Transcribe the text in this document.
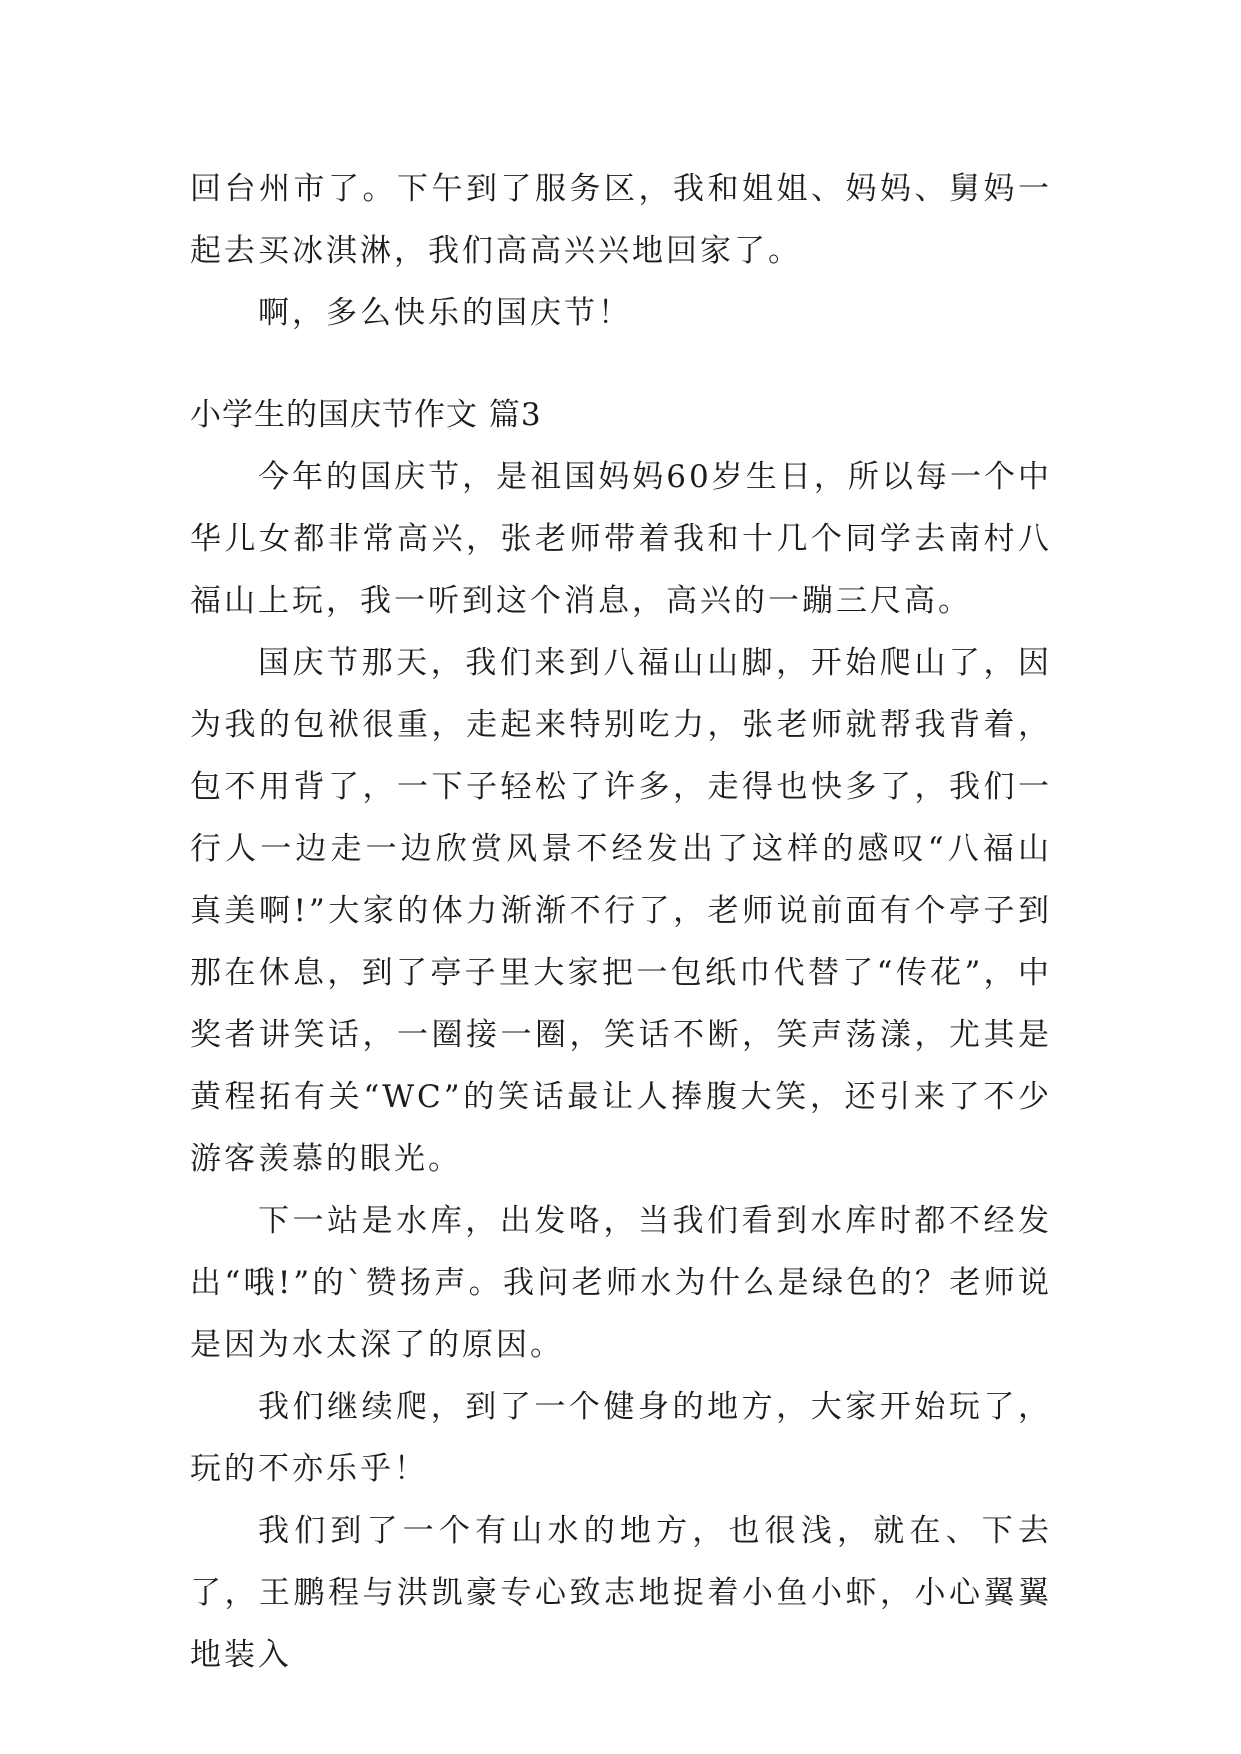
回台州市了。下午到了服务区，我和姐姐、妈妈、舅妈一起去买冰淇淋，我们高高兴兴地回家了。

啊，多么快乐的国庆节！

小学生的国庆节作文 篇3

今年的国庆节，是祖国妈妈60岁生日，所以每一个中华儿女都非常高兴，张老师带着我和十几个同学去南村八福山上玩，我一听到这个消息，高兴的一蹦三尺高。

国庆节那天，我们来到八福山山脚，开始爬山了，因为我的包袱很重，走起来特别吃力，张老师就帮我背着，包不用背了，一下子轻松了许多，走得也快多了，我们一行人一边走一边欣赏风景不经发出了这样的感叹“八福山真美啊!”大家的体力渐渐不行了，老师说前面有个亭子到那在休息，到了亭子里大家把一包纸巾代替了“传花”，中奖者讲笑话，一圈接一圈，笑话不断，笑声荡漾，尤其是黄程拓有关“WC”的笑话最让人捧腹大笑，还引来了不少游客羡慕的眼光。

下一站是水库，出发咯，当我们看到水库时都不经发出“哦!”的`赞扬声。我问老师水为什么是绿色的？老师说是因为水太深了的原因。

我们继续爬，到了一个健身的地方，大家开始玩了，玩的不亦乐乎！

我们到了一个有山水的地方，也很浅，就在、下去了，王鹏程与洪凯豪专心致志地捉着小鱼小虾，小心翼翼地装入
